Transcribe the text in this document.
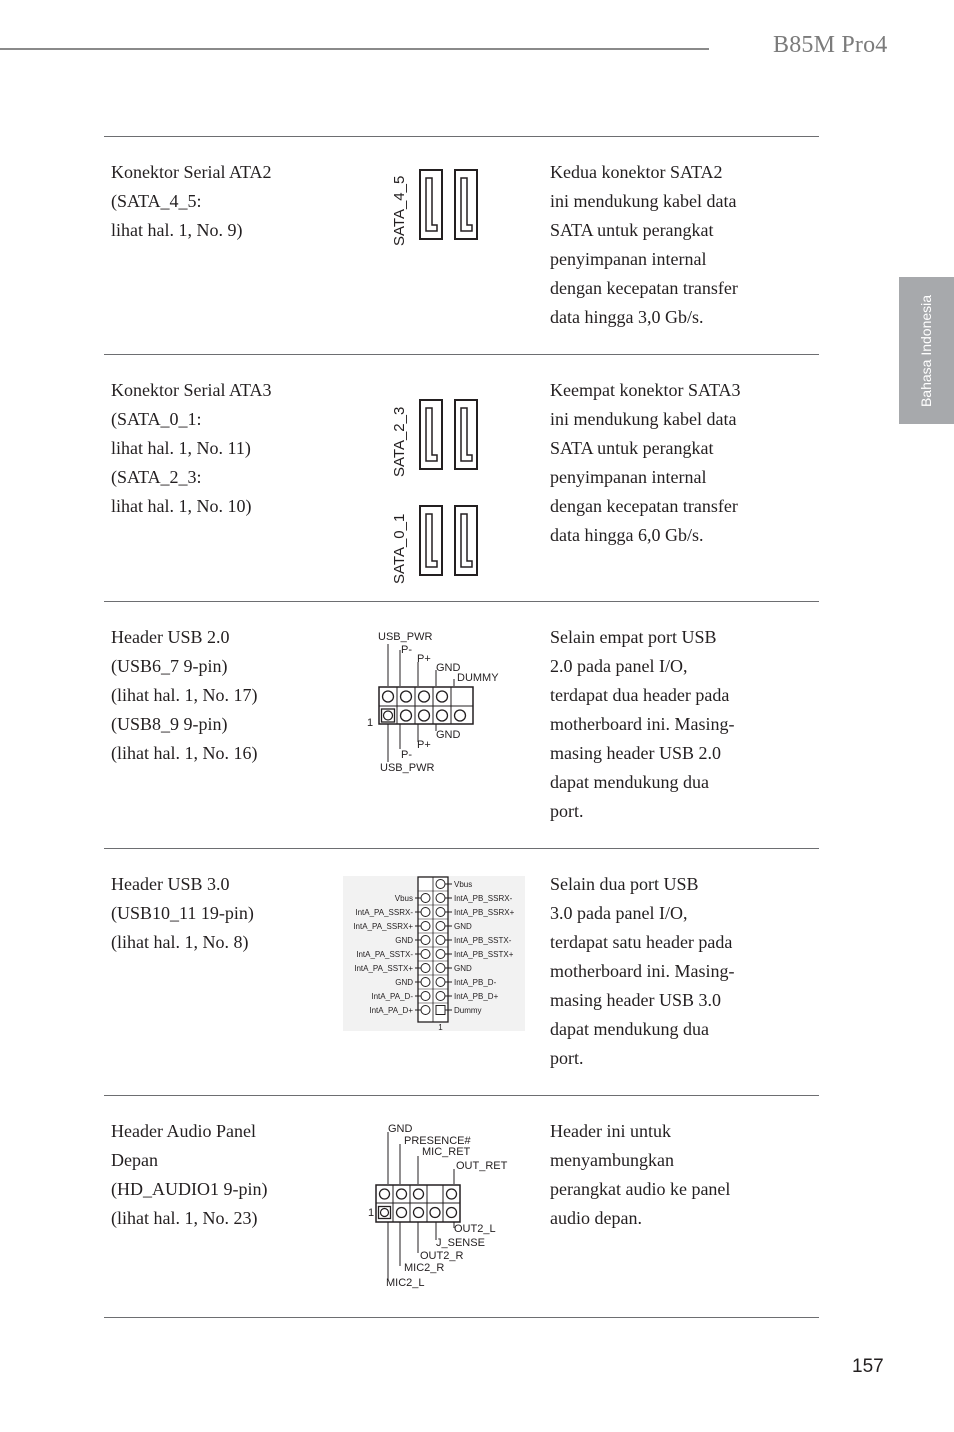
B85M Pro4
Bahasa Indonesia
Konektor Serial ATA2
(SATA_4_5:
lihat hal. 1, No. 9)	SATA_4_5
Kedua konektor SATA2
ini mendukung kabel data
SATA untuk perangkat
penyimpanan internal
dengan kecepatan transfer
data hingga 3,0 Gb/s.
Konektor Serial ATA3
(SATA_0_1:
lihat hal. 1, No. 11)
(SATA_2_3:
lihat hal. 1, No. 10)
SATA_2_3
SATA_0_1
Keempat konektor SATA3
ini mendukung kabel data
SATA untuk perangkat
penyimpanan internal
dengan kecepatan transfer
data hingga 6,0 Gb/s.
Header USB 2.0
(USB6_7 9-pin)
(lihat hal. 1, No. 17)
(USB8_9 9-pin)
(lihat hal. 1, No. 16)
USB_PWR
P-
P+
GND
DUMMY
1
GND
P+
P-
USB_PWR
Selain empat port USB
2.0 pada panel I/O,
terdapat dua header pada
motherboard ini. Masing-
masing header USB 2.0
dapat mendukung dua
port.
Header USB 3.0
(USB10_11 19-pin)
(lihat hal. 1, No. 8)
Vbus
IntA_PA_SSRX-
IntA_PA_SSRX+
GND
IntA_PA_SSTX-
IntA_PA_SSTX+
GND
IntA_PA_D-
IntA_PA_D+
Vbus
IntA_PB_SSRX-
IntA_PB_SSRX+
GND
IntA_PB_SSTX-
IntA_PB_SSTX+
GND
IntA_PB_D-
IntA_PB_D+
Dummy
1
Selain dua port USB
3.0 pada panel I/O,
terdapat satu header pada
motherboard ini. Masing-
masing header USB 3.0
dapat mendukung dua
port.
Header Audio Panel
Depan
(HD_AUDIO1 9-pin)
(lihat hal. 1, No. 23)
GND
PRESENCE#
MIC_RET
OUT_RET
1
OUT2_L
J_SENSE
OUT2_R
MIC2_R
MIC2_L
Header ini untuk
menyambungkan
perangkat audio ke panel
audio depan.
157
